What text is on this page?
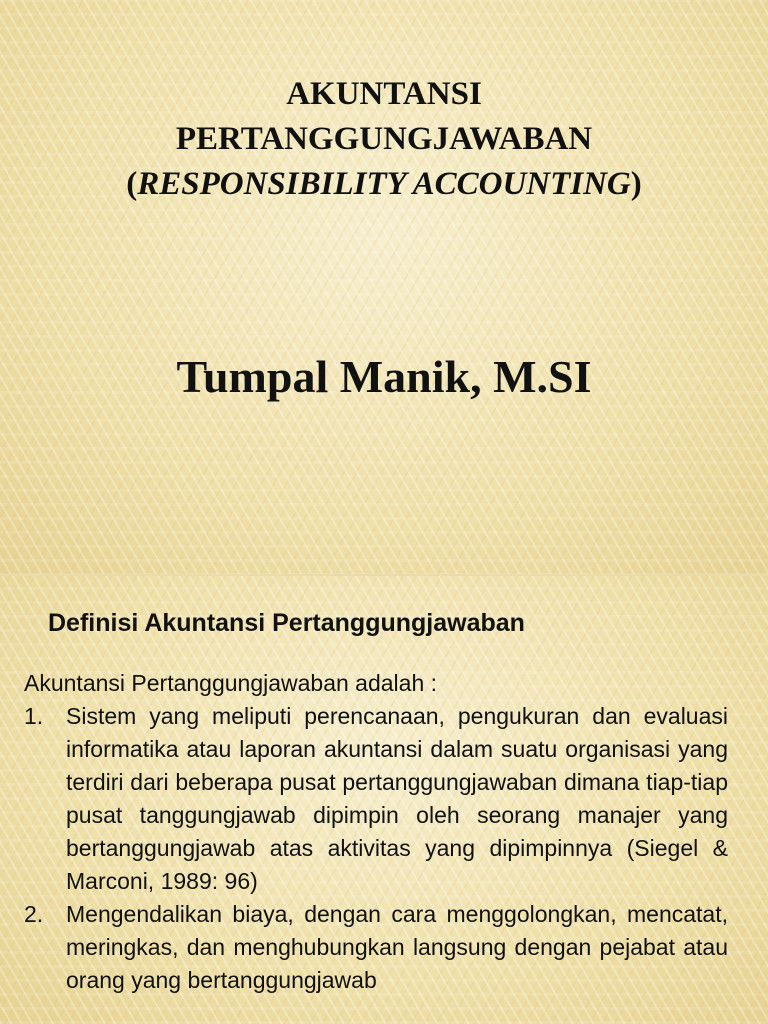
AKUNTANSI
PERTANGGUNGJAWABAN
(RESPONSIBILITY ACCOUNTING)
Tumpal Manik, M.SI
Definisi Akuntansi Pertanggungjawaban
Akuntansi Pertanggungjawaban adalah :
1. Sistem yang meliputi perencanaan, pengukuran dan evaluasi informatika atau laporan akuntansi dalam suatu organisasi yang terdiri dari beberapa pusat pertanggungjawaban dimana tiap-tiap pusat tanggungjawab dipimpin oleh seorang manajer yang bertanggungjawab atas aktivitas yang dipimpinnya (Siegel & Marconi, 1989: 96)
2. Mengendalikan biaya, dengan cara menggolongkan, mencatat, meringkas, dan menghubungkan langsung dengan pejabat atau orang yang bertanggungjawab
